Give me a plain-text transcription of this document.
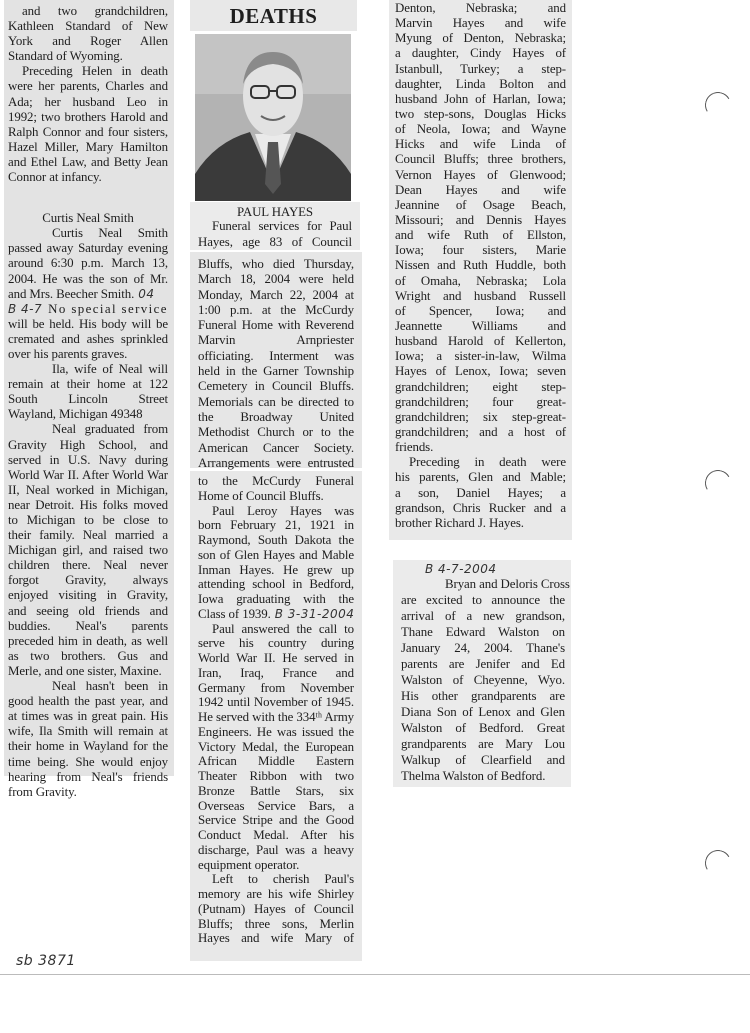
and two grandchildren,
Kathleen Standard of New
York and Roger Allen
Standard of Wyoming.
Preceding Helen in death
were her parents, Charles and
Ada; her husband Leo in
1992; two brothers Harold and
Ralph Connor and four sisters,
Hazel Miller, Mary Hamilton
and Ethel Law, and Betty Jean
Connor at infancy.
Curtis Neal Smith
Curtis Neal Smith
passed away Saturday evening
around 6:30 p.m. March 13,
2004. He was the son of Mr.
and Mrs. Beecher Smith. 04
B 4-7 No special service
will be held. His body will be
cremated and ashes sprinkled
over his parents graves.
Ila, wife of Neal will
remain at their home at 122
South Lincoln Street
Wayland, Michigan 49348
Neal graduated from
Gravity High School, and
served in U.S. Navy during
World War II. After World War
II, Neal worked in Michigan,
near Detroit. His folks moved
to Michigan to be close to
their family. Neal married a
Michigan girl, and raised two
children there. Neal never
forgot Gravity, always
enjoyed visiting in Gravity,
and seeing old friends and
buddies. Neal's parents
preceded him in death, as well
as two brothers. Gus and
Merle, and one sister, Maxine.
Neal hasn't been in
good health the past year, and
at times was in great pain. His
wife, Ila Smith will remain at
their home in Wayland for the
time being. She would enjoy
hearing from Neal's friends
from Gravity.
DEATHS
PAUL HAYES
Funeral services for Paul
Hayes, age 83 of Council
Bluffs, who died Thursday,
March 18, 2004 were held
Monday, March 22, 2004 at
1:00 p.m. at the McCurdy
Funeral Home with Reverend
Marvin Arnpriester
officiating. Interment was
held in the Garner Township
Cemetery in Council Bluffs.
Memorials can be directed to
the Broadway United
Methodist Church or to the
American Cancer Society.
Arrangements were entrusted
to the McCurdy Funeral
Home of Council Bluffs.
Paul Leroy Hayes was
born February 21, 1921 in
Raymond, South Dakota the
son of Glen Hayes and Mable
Inman Hayes. He grew up
attending school in Bedford,
Iowa graduating with the
Class of 1939. B 3-31-2004
Paul answered the call to
serve his country during
World War II. He served in
Iran, Iraq, France and
Germany from November
1942 until November of 1945.
He served with the 334ᵗʰ Army
Engineers. He was issued the
Victory Medal, the European
African Middle Eastern
Theater Ribbon with two
Bronze Battle Stars, six
Overseas Service Bars, a
Service Stripe and the Good
Conduct Medal. After his
discharge, Paul was a heavy
equipment operator.
Left to cherish Paul's
memory are his wife Shirley
(Putnam) Hayes of Council
Bluffs; three sons, Merlin
Hayes and wife Mary of
Denton, Nebraska; and
Marvin Hayes and wife
Myung of Denton, Nebraska;
a daughter, Cindy Hayes of
Istanbull, Turkey; a step-
daughter, Linda Bolton and
husband John of Harlan, Iowa;
two step-sons, Douglas Hicks
of Neola, Iowa; and Wayne
Hicks and wife Linda of
Council Bluffs; three brothers,
Vernon Hayes of Glenwood;
Dean Hayes and wife
Jeannine of Osage Beach,
Missouri; and Dennis Hayes
and wife Ruth of Ellston,
Iowa; four sisters, Marie
Nissen and Ruth Huddle, both
of Omaha, Nebraska; Lola
Wright and husband Russell
of Spencer, Iowa; and
Jeannette Williams and
husband Harold of Kellerton,
Iowa; a sister-in-law, Wilma
Hayes of Lenox, Iowa; seven
grandchildren; eight step-
grandchildren; four great-
grandchildren; six step-great-
grandchildren; and a host of
friends.
Preceding in death were
his parents, Glen and Mable;
a son, Daniel Hayes; a
grandson, Chris Rucker and a
brother Richard J. Hayes.
B 4-7-2004
Bryan and Deloris Cross
are excited to announce the
arrival of a new grandson,
Thane Edward Walston on
January 24, 2004. Thane's
parents are Jenifer and Ed
Walston of Cheyenne, Wyo.
His other grandparents are
Diana Son of Lenox and Glen
Walston of Bedford. Great
grandparents are Mary Lou
Walkup of Clearfield and
Thelma Walston of Bedford.
sb 3871
